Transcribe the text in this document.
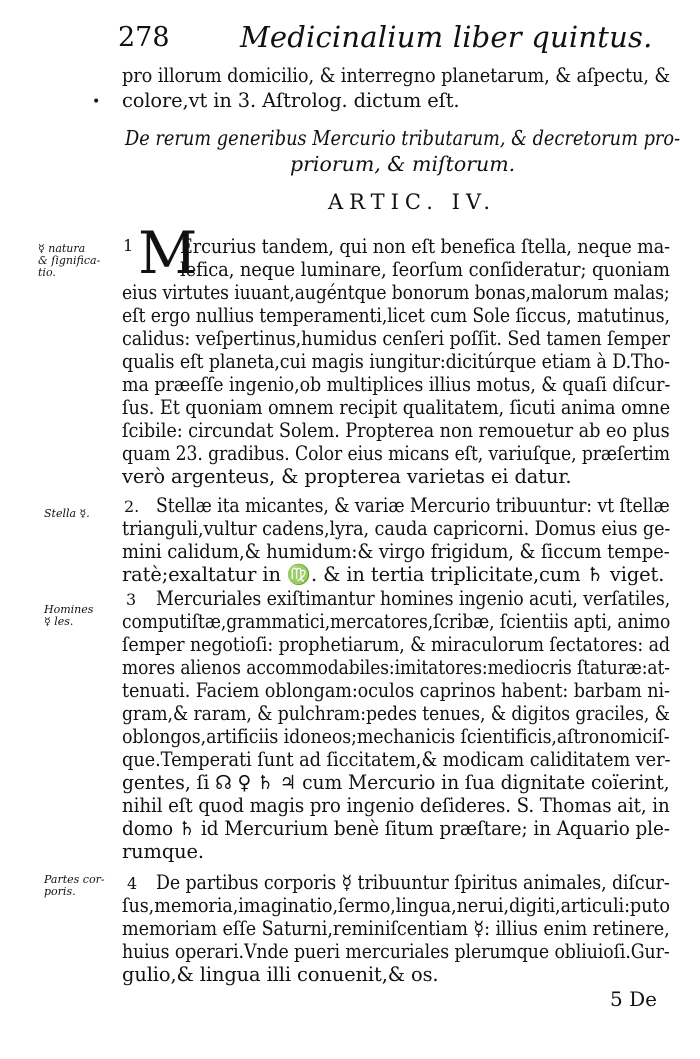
278 Medicinalium liber quintus.
pro illorum domicilio, & interregno planetarum, & aſpectu, &
• colore,vt in 3. Aſtrolog. dictum eſt.
De rerum generibus Mercurio tributarum, & decretorum pro-
priorum, & miſtorum.
ARTIC. IV.
☿ natura
& ſignifica-
tio.
Stella ☿.
Homines
☿ les.
Partes cor-
poris.
1 M
Ercurius tandem, qui non eſt benefica ſtella, neque ma-
lefica, neque luminare, ſeorſum conſideratur; quoniam
eius virtutes iuuant,augéntque bonorum bonas,malorum malas;
eſt ergo nullius temperamenti,licet cum Sole ſiccus, matutinus,
calidus: veſpertinus,humidus cenſeri poſſit. Sed tamen ſemper
qualis eſt planeta,cui magis iungitur:dicitúrque etiam à D.Tho-
ma præeſſe ingenio,ob multiplices illius motus, & quaſi diſcur-
ſus. Et quoniam omnem recipit qualitatem, ſicuti anima omne
ſcibile: circundat Solem. Propterea non remouetur ab eo plus
quam 23. gradibus. Color eius micans eſt, variuſque, præſertim
verò argenteus, & propterea varietas ei datur.
2. Stellæ ita micantes, & variæ Mercurio tribuuntur: vt ſtellæ
trianguli,vultur cadens,lyra, cauda capricorni. Domus eius ge-
mini calidum,& humidum:& virgo frigidum, & ſiccum tempe-
ratè;exaltatur in ♍. & in tertia triplicitate,cum ♄ viget.
3 Mercuriales exiſtimantur homines ingenio acuti, verſatiles,
computiſtæ,grammatici,mercatores,ſcribæ, ſcientiis apti, animo
ſemper negotioſi: prophetiarum, & miraculorum ſectatores: ad
mores alienos accommodabiles:imitatores:mediocris ſtaturæ:at-
tenuati. Faciem oblongam:oculos caprinos habent: barbam ni-
gram,& raram, & pulchram:pedes tenues, & digitos graciles, &
oblongos,artificiis idoneos;mechanicis ſcientificis,aſtronomiciſ-
que.Temperati ſunt ad ſiccitatem,& modicam caliditatem ver-
gentes, ſi ☊ ♀ ♄ ♃ cum Mercurio in ſua dignitate coïerint,
nihil eſt quod magis pro ingenio deſideres. S. Thomas ait, in
domo ♄ id Mercurium benè ſitum præſtare; in Aquario ple-
rumque.
4 De partibus corporis ☿ tribuuntur ſpiritus animales, diſcur-
ſus,memoria,imaginatio,ſermo,lingua,nerui,digiti,articuli:puto
memoriam eſſe Saturni,reminiſcentiam ☿: illius enim retinere,
huius operari.Vnde pueri mercuriales plerumque obliuioſi.Gur-
gulio,& lingua illi conuenit,& os.
5 De
